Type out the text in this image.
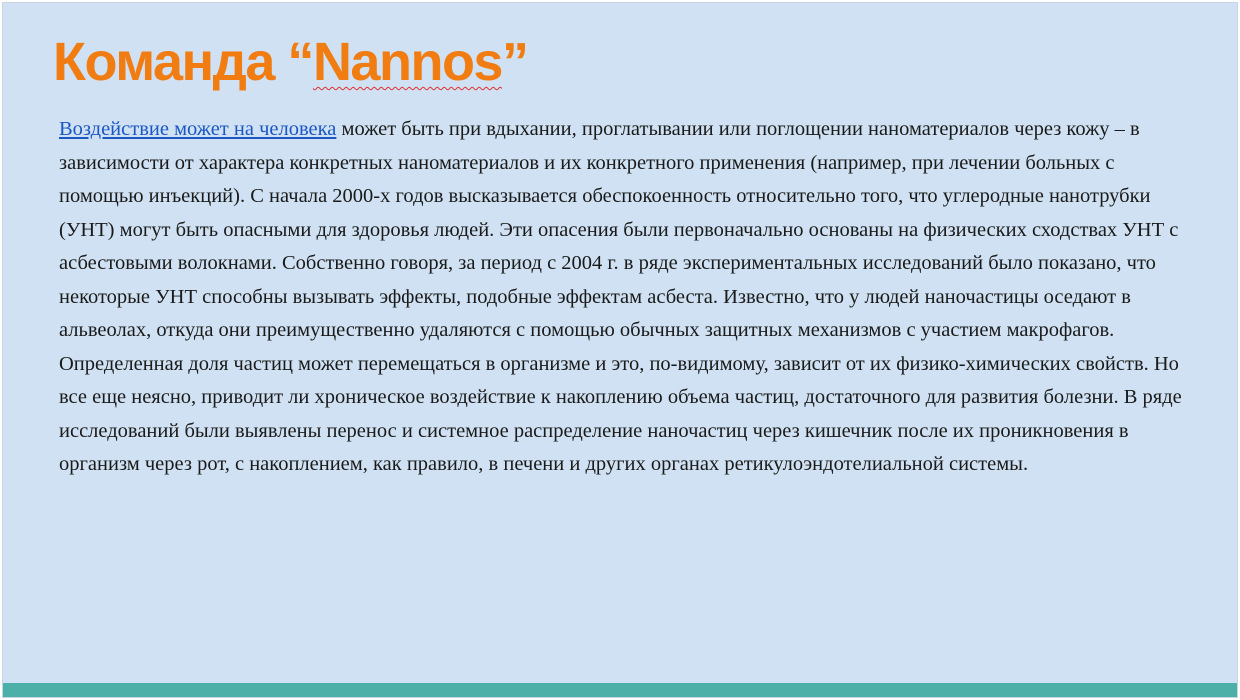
Команда “Nannos”

Воздействие может на человека может быть при вдыхании, проглатывании или поглощении наноматериалов через кожу – в зависимости от характера конкретных наноматериалов и их конкретного применения (например, при лечении больных с помощью инъекций). С начала 2000-х годов высказывается обеспокоенность относительно того, что углеродные нанотрубки (УНТ) могут быть опасными для здоровья людей. Эти опасения были первоначально основаны на физических сходствах УНТ с асбестовыми волокнами. Собственно говоря, за период с 2004 г. в ряде экспериментальных исследований было показано, что некоторые УНТ способны вызывать эффекты, подобные эффектам асбеста. Известно, что у людей наночастицы оседают в альвеолах, откуда они преимущественно удаляются с помощью обычных защитных механизмов с участием макрофагов. Определенная доля частиц может перемещаться в организме и это, по-видимому, зависит от их физико-химических свойств. Но все еще неясно, приводит ли хроническое воздействие к накоплению объема частиц, достаточного для развития болезни. В ряде исследований были выявлены перенос и системное распределение наночастиц через кишечник после их проникновения в организм через рот, с накоплением, как правило, в печени и других органах ретикулоэндотелиальной системы.
